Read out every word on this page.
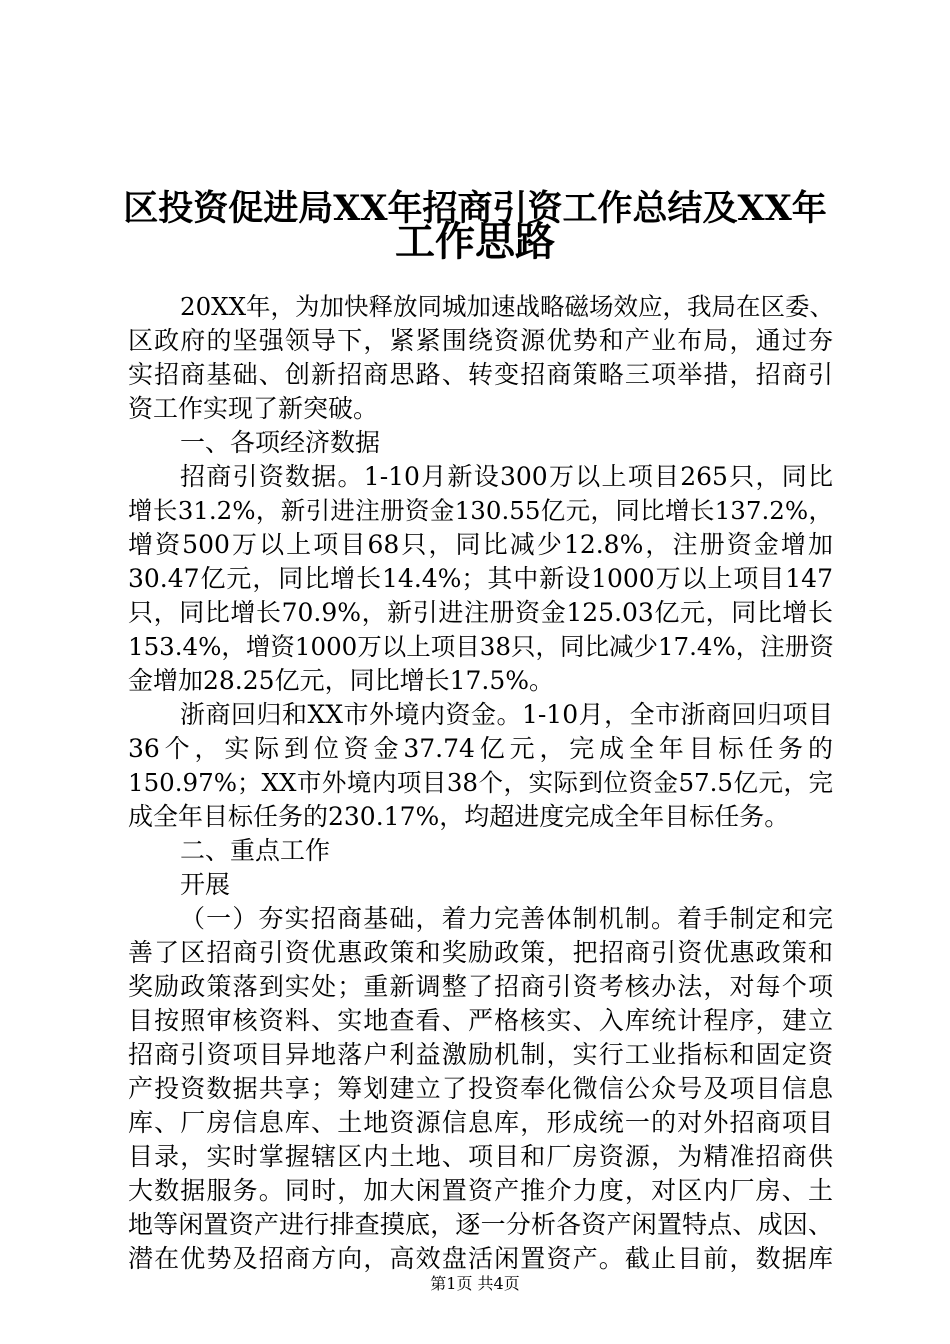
区投资促进局XX年招商引资工作总结及XX年
工作思路
20XX年，为加快释放同城加速战略磁场效应，我局在区委、
区政府的坚强领导下，紧紧围绕资源优势和产业布局，通过夯
实招商基础、创新招商思路、转变招商策略三项举措，招商引
资工作实现了新突破。
一、各项经济数据
招商引资数据。1-10月新设300万以上项目265只，同比
增长31.2%，新引进注册资金130.55亿元，同比增长137.2%，
增资500万以上项目68只，同比减少12.8%，注册资金增加
30.47亿元，同比增长14.4%；其中新设1000万以上项目147
只，同比增长70.9%，新引进注册资金125.03亿元，同比增长
153.4%，增资1000万以上项目38只，同比减少17.4%，注册资
金增加28.25亿元，同比增长17.5%。
浙商回归和XX市外境内资金。1-10月，全市浙商回归项目
36个，实际到位资金37.74亿元，完成全年目标任务的
150.97%；XX市外境内项目38个，实际到位资金57.5亿元，完
成全年目标任务的230.17%，均超进度完成全年目标任务。
二、重点工作
开展
（一）夯实招商基础，着力完善体制机制。着手制定和完
善了区招商引资优惠政策和奖励政策，把招商引资优惠政策和
奖励政策落到实处；重新调整了招商引资考核办法，对每个项
目按照审核资料、实地查看、严格核实、入库统计程序，建立
招商引资项目异地落户利益激励机制，实行工业指标和固定资
产投资数据共享；筹划建立了投资奉化微信公众号及项目信息
库、厂房信息库、土地资源信息库，形成统一的对外招商项目
目录，实时掌握辖区内土地、项目和厂房资源，为精准招商供
大数据服务。同时，加大闲置资产推介力度，对区内厂房、土
地等闲置资产进行排查摸底，逐一分析各资产闲置特点、成因、
潜在优势及招商方向，高效盘活闲置资产。截止目前，数据库
第1页 共4页
